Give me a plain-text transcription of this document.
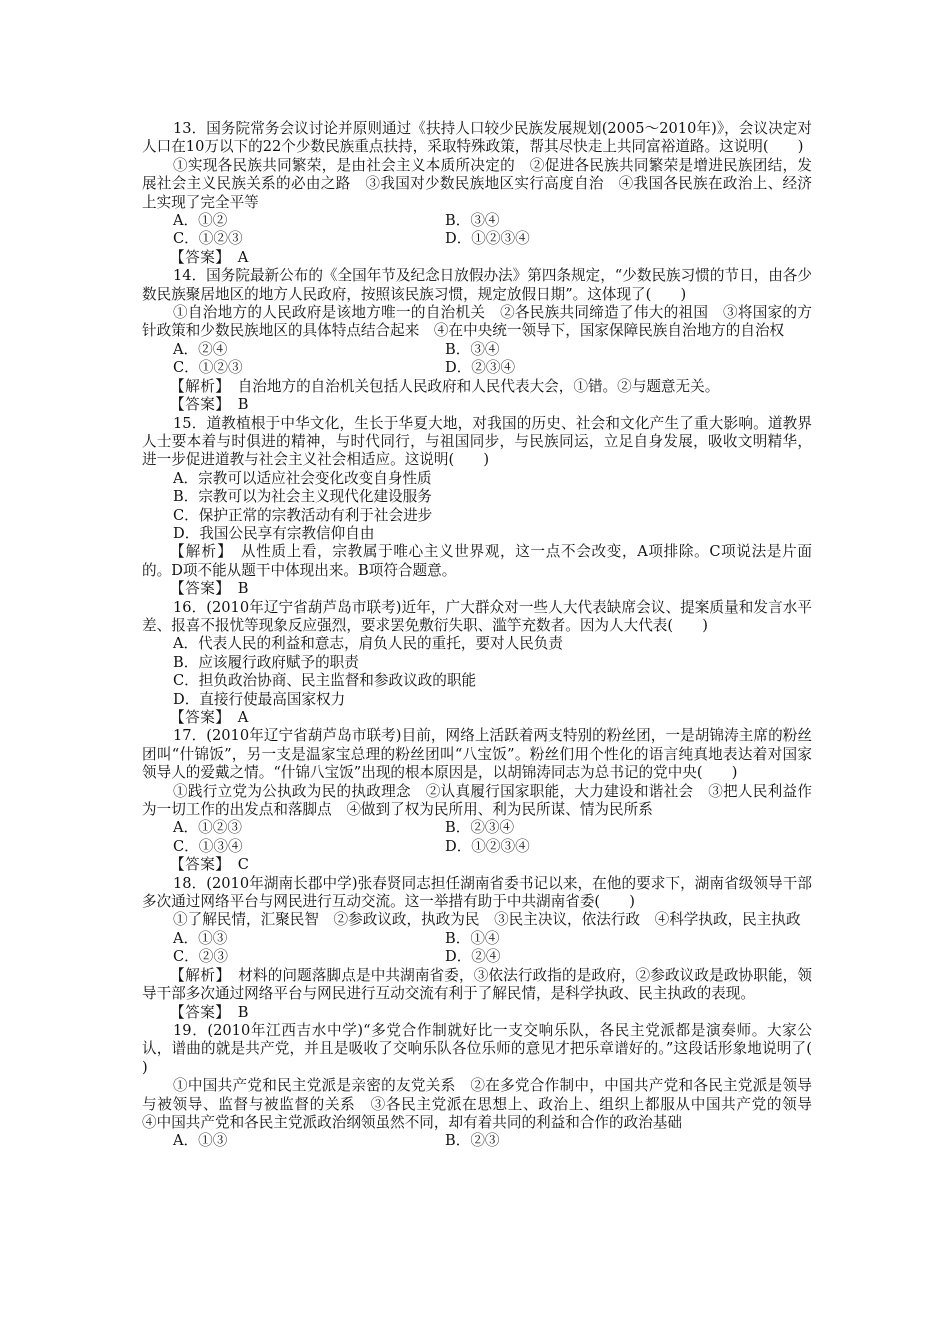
13．国务院常务会议讨论并原则通过《扶持人口较少民族发展规划(2005～2010年)》，会议决定对人口在10万以下的22个少数民族重点扶持，采取特殊政策，帮其尽快走上共同富裕道路。这说明(　　)

①实现各民族共同繁荣，是由社会主义本质所决定的　②促进各民族共同繁荣是增进民族团结，发展社会主义民族关系的必由之路　③我国对少数民族地区实行高度自治　④我国各民族在政治上、经济上实现了完全平等

A．①②	B．③④
C．①②③	D．①②③④

【答案】　 A

14．国务院最新公布的《全国年节及纪念日放假办法》第四条规定，“少数民族习惯的节日，由各少数民族聚居地区的地方人民政府，按照该民族习惯，规定放假日期”。这体现了(　　)

①自治地方的人民政府是该地方唯一的自治机关　②各民族共同缔造了伟大的祖国　③将国家的方针政策和少数民族地区的具体特点结合起来　④在中央统一领导下，国家保障民族自治地方的自治权

A．②④	B．③④
C．①②③	D．②③④

【解析】　 自治地方的自治机关包括人民政府和人民代表大会，①错。②与题意无关。

【答案】　 B

15．道教植根于中华文化，生长于华夏大地，对我国的历史、社会和文化产生了重大影响。道教界人士要本着与时俱进的精神，与时代同行，与祖国同步，与民族同运，立足自身发展，吸收文明精华，进一步促进道教与社会主义社会相适应。这说明(　　)

A．宗教可以适应社会变化改变自身性质

B．宗教可以为社会主义现代化建设服务

C．保护正常的宗教活动有利于社会进步

D．我国公民享有宗教信仰自由

【解析】　 从性质上看，宗教属于唯心主义世界观，这一点不会改变，A项排除。C项说法是片面的。D项不能从题干中体现出来。B项符合题意。

【答案】　 B

16．(2010年辽宁省葫芦岛市联考)近年，广大群众对一些人大代表缺席会议、提案质量和发言水平差、报喜不报忧等现象反应强烈，要求罢免敷衍失职、滥竽充数者。因为人大代表(　　)

A．代表人民的利益和意志，肩负人民的重托，要对人民负责

B．应该履行政府赋予的职责

C．担负政治协商、民主监督和参政议政的职能

D．直接行使最高国家权力

【答案】　 A

17．(2010年辽宁省葫芦岛市联考)目前，网络上活跃着两支特别的粉丝团，一是胡锦涛主席的粉丝团叫“什锦饭”，另一支是温家宝总理的粉丝团叫“八宝饭”。粉丝们用个性化的语言纯真地表达着对国家领导人的爱戴之情。“什锦八宝饭”出现的根本原因是，以胡锦涛同志为总书记的党中央(　　)

①践行立党为公执政为民的执政理念　②认真履行国家职能，大力建设和谐社会　③把人民利益作为一切工作的出发点和落脚点　④做到了权为民所用、利为民所谋、情为民所系

A．①②③	B．②③④
C．①③④	D．①②③④

【答案】　 C

18．(2010年湖南长郡中学)张春贤同志担任湖南省委书记以来，在他的要求下，湖南省级领导干部多次通过网络平台与网民进行互动交流。这一举措有助于中共湖南省委(　　)

①了解民情，汇聚民智　②参政议政，执政为民　③民主决议，依法行政　④科学执政，民主执政

A．①③	B．①④
C．②③	D．②④

【解析】　 材料的问题落脚点是中共湖南省委，③依法行政指的是政府，②参政议政是政协职能，领导干部多次通过网络平台与网民进行互动交流有利于了解民情，是科学执政、民主执政的表现。

【答案】　 B

19．(2010年江西吉水中学)“多党合作制就好比一支交响乐队，各民主党派都是演奏师。大家公认，谱曲的就是共产党，并且是吸收了交响乐队各位乐师的意见才把乐章谱好的。”这段话形象地说明了(　　)

①中国共产党和民主党派是亲密的友党关系　②在多党合作制中，中国共产党和各民主党派是领导与被领导、监督与被监督的关系　③各民主党派在思想上、政治上、组织上都服从中国共产党的领导　④中国共产党和各民主党派政治纲领虽然不同，却有着共同的利益和合作的政治基础

A．①③	B．②③
